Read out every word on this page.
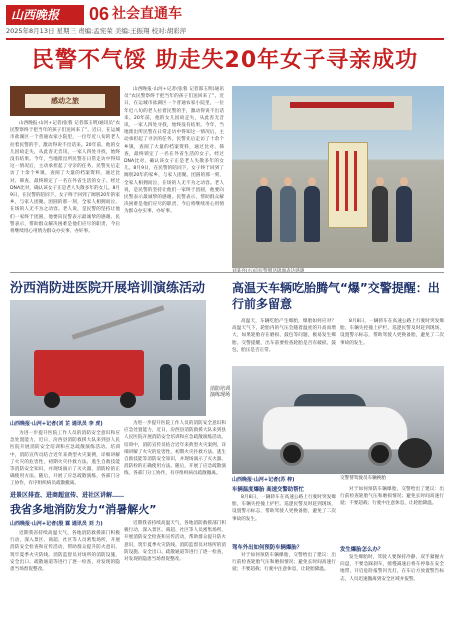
山西晚报	06 社会直通车
2025年8月13日 星期三 责编:孟宪荣 美编:王振翔 校对:胡彩萍
民警不气馁 助走失20年女子寻亲成功
感动之旅

山西晚报·山河+记者(张蓉 记者邵玉明)通讯员“农民警察终于把当年的孩子们送回来了”。近日，在运城市盐湖区一个普通农家小院里，一位年近八旬的老人拉着民警的手，激动得说不出话来。20年前，他的女儿因故走失，从此杳无音讯，一家人四处寻找，始终没有结果。今年，当地派出所民警在日常走访中得知这一情况后，主动承担起了寻亲的任务。民警先后走访了十余个乡镇，查阅了大量的档案资料，通过比对、筛查，最终锁定了一名在外省生活的女子。经过DNA比对，确认该女子正是老人失散多年的女儿。8月9日，在民警的陪同下，女子终于回到了阔别20年的家乡，与家人团聚。团圆的那一刻，全家人相拥而泣，在场的人无不为之动容。老人说，是民警的坚持让他们一家终于团圆，他要向民警表示最诚挚的感谢。民警表示，帮助群众解决困难是他们应尽的职责，今后将继续用心用情为群众办实事、办好事。

山西晚报·山河+记者(张蓉 记者邵玉明)通讯员“农民警察终于把当年的孩子们送回来了”。近日，在运城市盐湖区一个普通农家小院里，一位年近八旬的老人拉着民警的手，激动得说不出话来。20年前，他的女儿因故走失，从此杳无音讯，一家人四处寻找，始终没有结果。今年，当地派出所民警在日常走访中得知这一情况后，主动承担起了寻亲的任务。民警先后走访了十余个乡镇，查阅了大量的档案资料，通过比对、筛查，最终锁定了一名在外省生活的女子。经过DNA比对，确认该女子正是老人失散多年的女儿。8月9日，在民警的陪同下，女子终于回到了阔别20年的家乡，与家人团聚。团圆的那一刻，全家人相拥而泣，在场的人无不为之动容。老人说，是民警的坚持让他们一家终于团圆，他要向民警表示最诚挚的感谢。民警表示，帮助群众解决困难是他们应尽的职责，今后将继续用心用情为群众办实事、办好事。

汾西消防进医院开展培训演练活动
消防培训演练现场
山西晚报·山河+记者(刘 芷 通讯员 李 虎)

为进一步提升医院工作人员的消防安全意识和应急处置能力，近日，汾西县消防救援大队来到县人民医院开展消防安全培训和应急疏散演练活动。培训中，消防宣传员结合近年来典型火灾案例，详细讲解了火灾的危害性、初期火灾扑救方法、逃生自救技能等消防安全知识，并现场演示了灭火器、消防栓的正确使用方法。随后，开展了应急疏散演练，各部门分工协作，有序组织病员疏散撤离。

为进一步提升医院工作人员的消防安全意识和应急处置能力，近日，汾西县消防救援大队来到县人民医院开展消防安全培训和应急疏散演练活动。培训中，消防宣传员结合近年来典型火灾案例，详细讲解了火灾的危害性、初期火灾扑救方法、逃生自救技能等消防安全知识，并现场演示了灭火器、消防栓的正确使用方法。随后，开展了应急疏散演练，各部门分工协作，有序组织病员疏散撤离。

进景区排查、进商超宣传、进社区讲解……
我省多地消防发力“消暑解火”
山西晚报·山河+记者(殷 霖 通讯员 刘 力)

近期我省持续高温天气，各地消防救援部门积极行动，深入景区、商超、社区等人员密集场所，开展消防安全检查和宣传活动，帮助群众提升防火意识，筑牢夏季火灾防线。消防监督员对场所的消防设施、安全出口、疏散通道等进行了逐一检查，对发现的隐患当场督促整改。

近期我省持续高温天气，各地消防救援部门积极行动，深入景区、商超、社区等人员密集场所，开展消防安全检查和宣传活动，帮助群众提升防火意识，筑牢夏季火灾防线。消防监督员对场所的消防设施、安全出口、疏散通道等进行了逐一检查，对发现的隐患当场督促整改。

高温天车辆吃胎腾气“爆”交警提醒：出行前多留意

高温天，车辆吃胎产生爆胎，爆胎如何应对？高温天气下，轮胎内的气压会随着温度的升高而增大，如果轮胎存在磨损、鼓包等问题，极易发生爆胎。交警提醒，出车前要检查轮胎是否有破损、鼓包，胎压是否正常。

8月8日，一辆轿车在高速公路上行驶时突发爆胎，车辆失控撞上护栏。巡逻民警及时赶到现场，设置警示标志，帮助驾驶人更换备胎，避免了二次事故的发生。

山西晚报·山河+记者(苏 梓)	交警帮驾驶员车辆换胎
车辆温度爆胎 高速交警助帮忙

8月8日，一辆轿车在高速公路上行驶时突发爆胎，车辆失控撞上护栏。巡逻民警及时赶到现场，设置警示标志，帮助驾驶人更换备胎，避免了二次事故的发生。

驾车外出如何预防车辆爆胎？

对于如何预防车辆爆胎，交警给出了建议：出行前检查轮胎气压和磨损情况；避免长时间高速行驶；不要超载；行驶中注意休息，让轮胎降温。

对于如何预防车辆爆胎，交警给出了建议：出行前检查轮胎气压和磨损情况；避免长时间高速行驶；不要超载；行驶中注意休息，让轮胎降温。

发生爆胎怎么办？

发生爆胎时，驾驶人要保持冷静，双手紧握方向盘，不要急踩刹车，缓慢减速后将车停靠在安全地带，开启危险报警闪光灯，在车后方放置警告标志，人员迅速撤离到安全区域并报警。
